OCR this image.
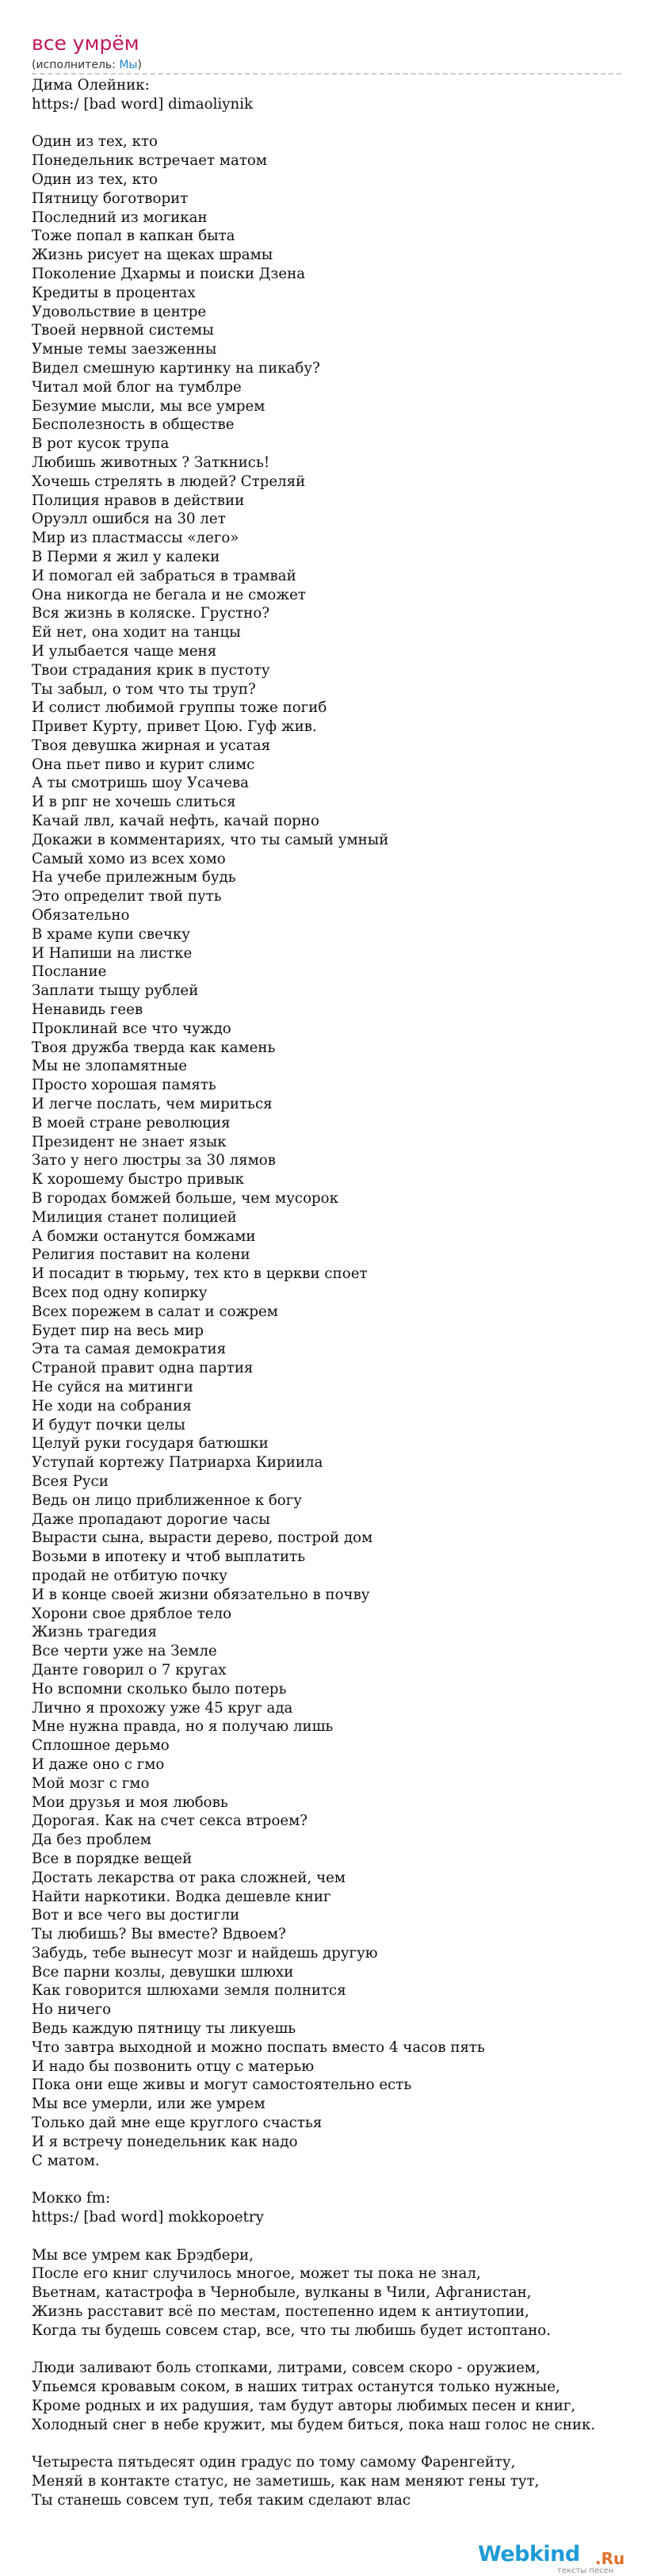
все умрём
(исполнитель: Мы)
Дима Олейник:
https:/ [bad word] dimaoliynik
Один из тех, кто
Понедельник встречает матом
Один из тех, кто
Пятницу боготворит
Последний из могикан
Тоже попал в капкан быта
Жизнь рисует на щеках шрамы
Поколение Дхармы и поиски Дзена
Кредиты в процентах
Удовольствие в центре
Твоей нервной системы
Умные темы заезженны
Видел смешную картинку на пикабу?
Читал мой блог на тумблре
Безумие мысли, мы все умрем
Бесполезность в обществе
В рот кусок трупа
Любишь животных ? Заткнись!
Хочешь стрелять в людей? Стреляй
Полиция нравов в действии
Оруэлл ошибся на 30 лет
Мир из пластмассы «лего»
В Перми я жил у калеки
И помогал ей забраться в трамвай
Она никогда не бегала и не сможет
Вся жизнь в коляске. Грустно?
Ей нет, она ходит на танцы
И улыбается чаще меня
Твои страдания крик в пустоту
Ты забыл, о том что ты труп?
И солист любимой группы тоже погиб
Привет Курту, привет Цою. Гуф жив.
Твоя девушка жирная и усатая
Она пьет пиво и курит слимс
А ты смотришь шоу Усачева
И в рпг не хочешь слиться
Качай лвл, качай нефть, качай порно
Докажи в комментариях, что ты самый умный
Самый хомо из всех хомо
На учебе прилежным будь
Это определит твой путь
Обязательно
В храме купи свечку
И Напиши на листке
Послание
Заплати тыщу рублей
Ненавидь геев
Проклинай все что чуждо
Твоя дружба тверда как камень
Мы не злопамятные
Просто хорошая память
И легче послать, чем мириться
В моей стране революция
Президент не знает язык
Зато у него люстры за 30 лямов
К хорошему быстро привык
В городах бомжей больше, чем мусорок
Милиция станет полицией
А бомжи останутся бомжами
Религия поставит на колени
И посадит в тюрьму, тех кто в церкви споет
Всех под одну копирку
Всех порежем в салат и сожрем
Будет пир на весь мир
Эта та самая демократия
Страной правит одна партия
Не суйся на митинги
Не ходи на собрания
И будут почки целы
Целуй руки государя батюшки
Уступай кортежу Патриарха Кириила
Всея Руси
Ведь он лицо приближенное к богу
Даже пропадают дорогие часы
Вырасти сына, вырасти дерево, построй дом
Возьми в ипотеку и чтоб выплатить
продай не отбитую почку
И в конце своей жизни обязательно в почву
Хорони свое дряблое тело
Жизнь трагедия
Все черти уже на Земле
Данте говорил о 7 кругах
Но вспомни сколько было потерь
Лично я прохожу уже 45 круг ада
Мне нужна правда, но я получаю лишь
Сплошное дерьмо
И даже оно с гмо
Мой мозг с гмо
Мои друзья и моя любовь
Дорогая. Как на счет секса втроем?
Да без проблем
Все в порядке вещей
Достать лекарства от рака сложней, чем
Найти наркотики. Водка дешевле книг
Вот и все чего вы достигли
Ты любишь? Вы вместе? Вдвоем?
Забудь, тебе вынесут мозг и найдешь другую
Все парни козлы, девушки шлюхи
Как говорится шлюхами земля полнится
Но ничего
Ведь каждую пятницу ты ликуешь
Что завтра выходной и можно поспать вместо 4 часов пять
И надо бы позвонить отцу с матерью
Пока они еще живы и могут самостоятельно есть
Мы все умерли, или же умрем
Только дай мне еще круглого счастья
И я встречу понедельник как надо
С матом.
Мокко fm:
https:/ [bad word] mokkopoetry
Мы все умрем как Брэдбери,
После его книг случилось многое, может ты пока не знал,
Вьетнам, катастрофа в Чернобыле, вулканы в Чили, Афганистан,
Жизнь расставит всё по местам, постепенно идем к антиутопии,
Когда ты будешь совсем стар, все, что ты любишь будет истоптано.
Люди заливают боль стопками, литрами, совсем скоро - оружием,
Упьемся кровавым соком, в наших титрах останутся только нужные,
Кроме родных и их радушия, там будут авторы любимых песен и книг,
Холодный снег в небе кружит, мы будем биться, пока наш голос не сник.
Четыреста пятьдесят один градус по тому самому Фаренгейту,
Меняй в контакте статус, не заметишь, как нам меняют гены тут,
Ты станешь совсем туп, тебя таким сделают влас
Webkind .Ru
тексты песен
